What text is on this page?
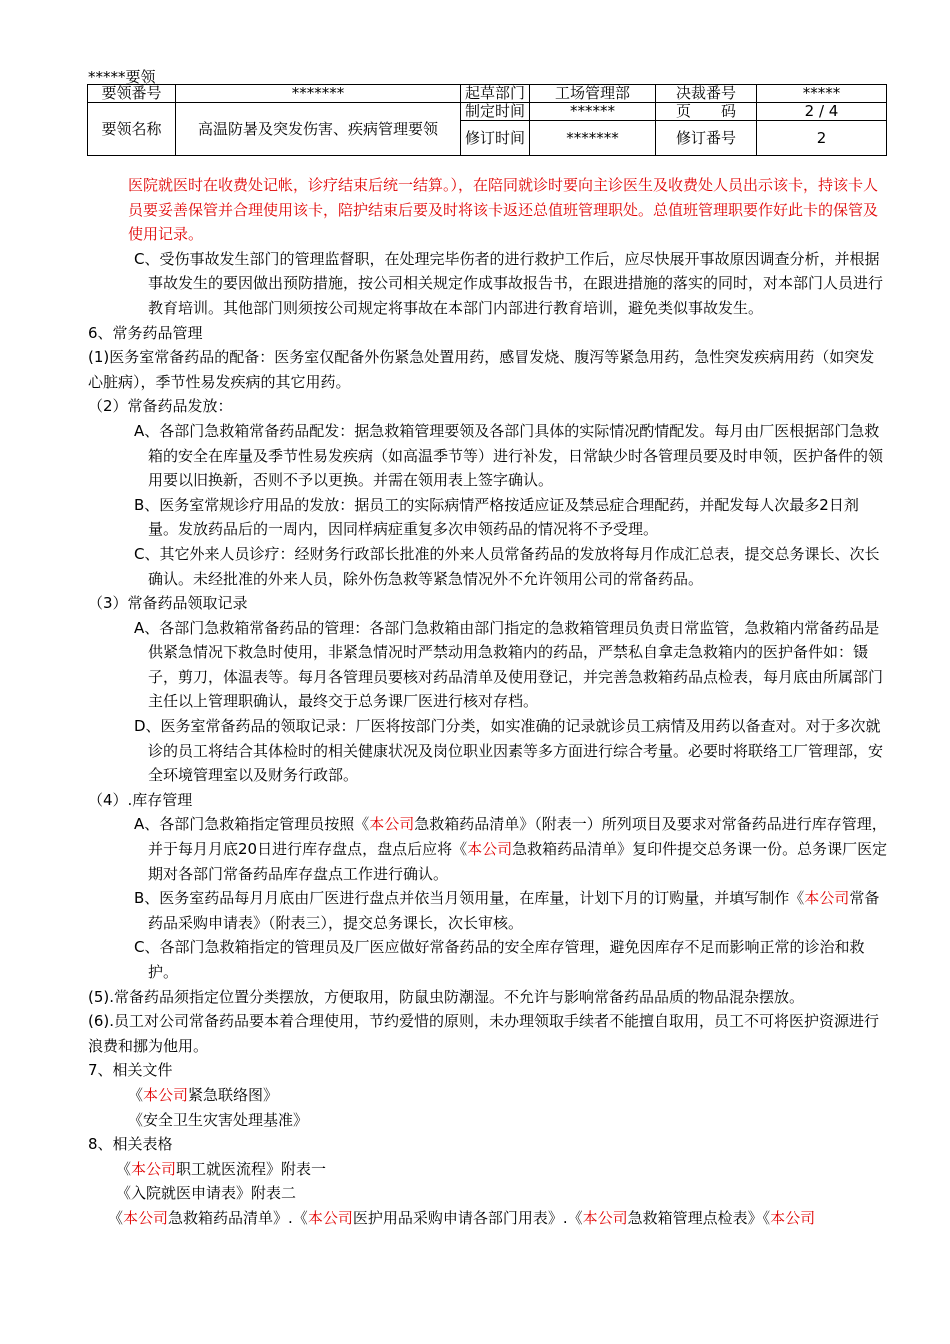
*****要领
要领番号	*******	起草部门	工场管理部	决裁番号	*****
要领名称	高温防暑及突发伤害、疾病管理要领	制定时间	******	页　　码	2 / 4
		修订时间	*******	修订番号	2

医院就医时在收费处记帐，诊疗结束后统一结算。），在陪同就诊时要向主诊医生及收费处人员出示该卡，持该卡人员要妥善保管并合理使用该卡，陪护结束后要及时将该卡返还总值班管理职处。总值班管理职要作好此卡的保管及使用记录。

C、受伤事故发生部门的管理监督职，在处理完毕伤者的进行救护工作后，应尽快展开事故原因调查分析，并根据事故发生的要因做出预防措施，按公司相关规定作成事故报告书，在跟进措施的落实的同时，对本部门人员进行教育培训。其他部门则须按公司规定将事故在本部门内部进行教育培训，避免类似事故发生。

6、常务药品管理

(1)医务室常备药品的配备：医务室仅配备外伤紧急处置用药，感冒发烧、腹泻等紧急用药，急性突发疾病用药（如突发心脏病），季节性易发疾病的其它用药。

（2）常备药品发放：

A、各部门急救箱常备药品配发：据急救箱管理要领及各部门具体的实际情况酌情配发。每月由厂医根据部门急救箱的安全在库量及季节性易发疾病（如高温季节等）进行补发，日常缺少时各管理员要及时申领，医护备件的领用要以旧换新，否则不予以更换。并需在领用表上签字确认。

B、医务室常规诊疗用品的发放：据员工的实际病情严格按适应证及禁忌症合理配药，并配发每人次最多2日剂量。发放药品后的一周内，因同样病症重复多次申领药品的情况将不予受理。

C、其它外来人员诊疗：经财务行政部长批准的外来人员常备药品的发放将每月作成汇总表，提交总务课长、次长确认。未经批准的外来人员，除外伤急救等紧急情况外不允许领用公司的常备药品。

（3）常备药品领取记录

A、各部门急救箱常备药品的管理：各部门急救箱由部门指定的急救箱管理员负责日常监管，急救箱内常备药品是供紧急情况下救急时使用，非紧急情况时严禁动用急救箱内的药品，严禁私自拿走急救箱内的医护备件如：镊子，剪刀，体温表等。每月各管理员要核对药品清单及使用登记，并完善急救箱药品点检表，每月底由所属部门主任以上管理职确认，最终交于总务课厂医进行核对存档。

D、医务室常备药品的领取记录：厂医将按部门分类，如实准确的记录就诊员工病情及用药以备查对。对于多次就诊的员工将结合其体检时的相关健康状况及岗位职业因素等多方面进行综合考量。必要时将联络工厂管理部，安全环境管理室以及财务行政部。

（4）.库存管理

A、各部门急救箱指定管理员按照《本公司急救箱药品清单》（附表一）所列项目及要求对常备药品进行库存管理，并于每月月底20日进行库存盘点，盘点后应将《本公司急救箱药品清单》复印件提交总务课一份。总务课厂医定期对各部门常备药品库存盘点工作进行确认。

B、医务室药品每月月底由厂医进行盘点并依当月领用量，在库量，计划下月的订购量，并填写制作《本公司常备药品采购申请表》（附表三），提交总务课长，次长审核。

C、各部门急救箱指定的管理员及厂医应做好常备药品的安全库存管理，避免因库存不足而影响正常的诊治和救护。

(5).常备药品须指定位置分类摆放，方便取用，防鼠虫防潮湿。不允许与影响常备药品品质的物品混杂摆放。

(6).员工对公司常备药品要本着合理使用，节约爱惜的原则，未办理领取手续者不能擅自取用，员工不可将医护资源进行浪费和挪为他用。

7、相关文件

《本公司紧急联络图》

《安全卫生灾害处理基准》

8、相关表格

《本公司职工就医流程》附表一

《入院就医申请表》附表二

《本公司急救箱药品清单》.《本公司医护用品采购申请各部门用表》.《本公司急救箱管理点检表》《本公司
